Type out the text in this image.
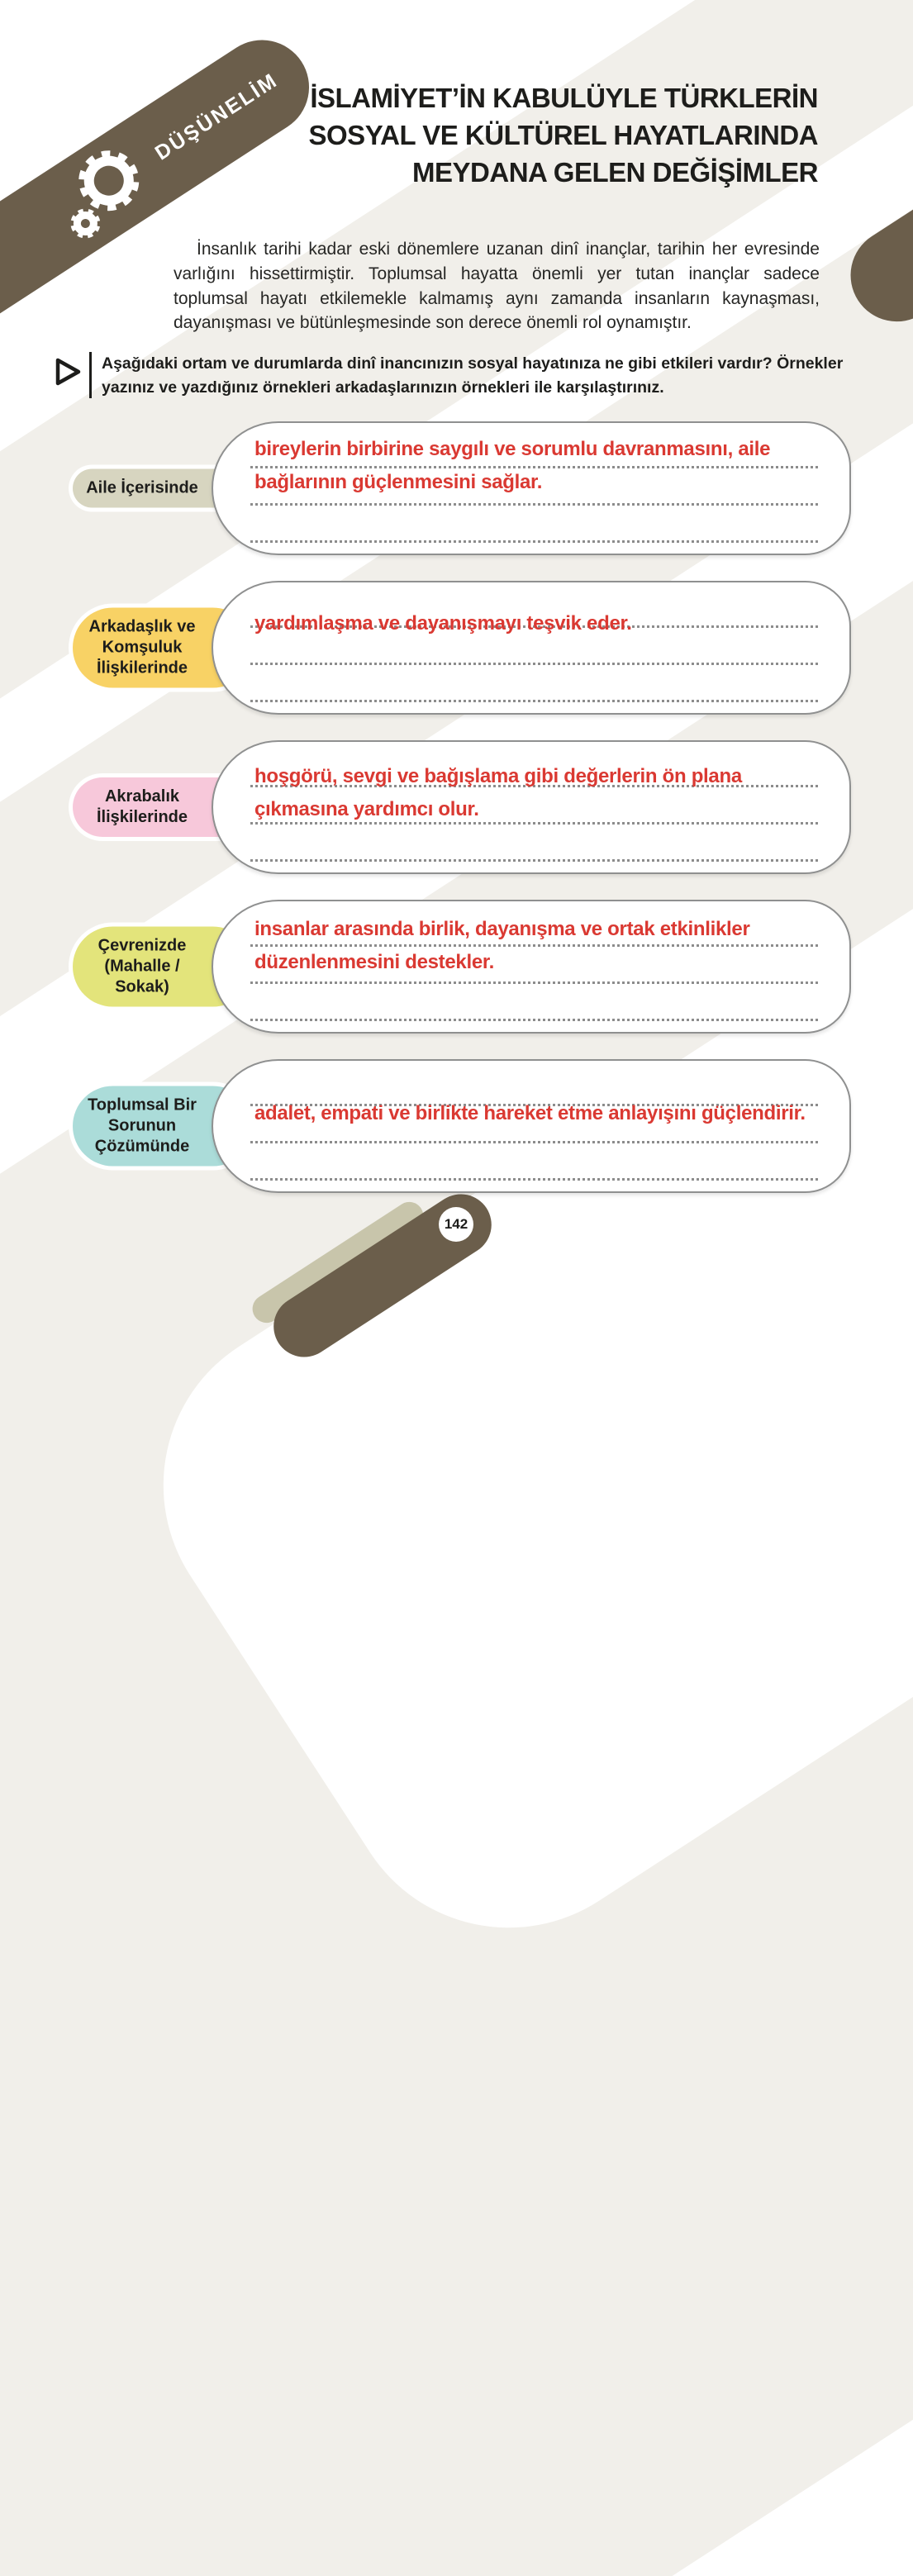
DÜŞÜNELİM İSLAMİYET’İN KABULÜYLE TÜRKLERİN
SOSYAL VE KÜLTÜREL HAYATLARINDA
MEYDANA GELEN DEĞİŞİMLER

İnsanlık tarihi kadar eski dönemlere uzanan dinî inançlar, tarihin her evresinde varlığını hissettirmiştir. Toplumsal hayatta önemli yer tutan inançlar sadece toplumsal hayatı etkilemekle kalmamış aynı zamanda insanların kaynaşması, dayanışması ve bütünleşmesinde son derece önemli rol oynamıştır.

Aşağıdaki ortam ve durumlarda dinî inancınızın sosyal hayatınıza ne gibi etkileri vardır? Örnekler yazınız ve yazdığınız örnekleri arkadaşlarınızın örnekleri ile karşılaştırınız.
Aile İçerisinde
bireylerin birbirine saygılı ve sorumlu davranmasını, aile bağlarının güçlenmesini sağlar.
Arkadaşlık ve Komşuluk İlişkilerinde
yardımlaşma ve dayanışmayı teşvik eder.
Akrabalık İlişkilerinde
hoşgörü, sevgi ve bağışlama gibi değerlerin ön plana çıkmasına yardımcı olur.
Çevrenizde (Mahalle / Sokak)
insanlar arasında birlik, dayanışma ve ortak etkinlikler düzenlenmesini destekler.
Toplumsal Bir Sorunun Çözümünde
adalet, empati ve birlikte hareket etme anlayışını güçlendirir.
142
